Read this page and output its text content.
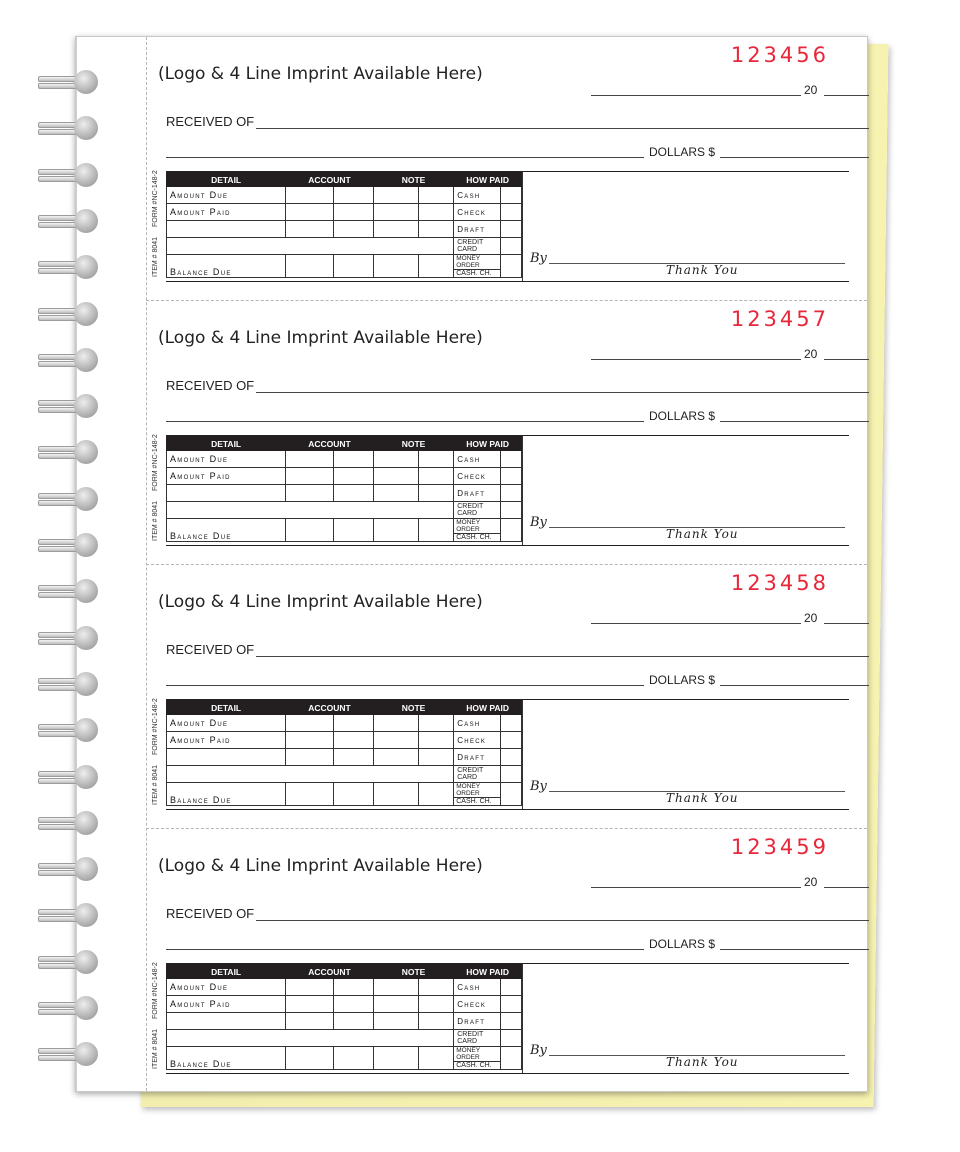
123456
(Logo & 4 Line Imprint Available Here)
20
RECEIVED OF
DOLLARS $
FORM #NC-148-2
ITEM # 8041
DETAIL	ACCOUNT		NOTE		HOW PAID	
Amount Due					Cash	
Amount Paid					Check	
					Draft	
					CREDIT CARD	
Balance Due					MONEY ORDER
CASH. CH.	

By
Thank You
123457
(Logo & 4 Line Imprint Available Here)
20
RECEIVED OF
DOLLARS $
FORM #NC-148-2
ITEM # 8041
DETAIL	ACCOUNT		NOTE		HOW PAID	
Amount Due					Cash	
Amount Paid					Check	
					Draft	
					CREDIT CARD	
Balance Due					MONEY ORDER
CASH. CH.	

By
Thank You
123458
(Logo & 4 Line Imprint Available Here)
20
RECEIVED OF
DOLLARS $
FORM #NC-148-2
ITEM # 8041
DETAIL	ACCOUNT		NOTE		HOW PAID	
Amount Due					Cash	
Amount Paid					Check	
					Draft	
					CREDIT CARD	
Balance Due					MONEY ORDER
CASH. CH.	

By
Thank You
123459
(Logo & 4 Line Imprint Available Here)
20
RECEIVED OF
DOLLARS $
FORM #NC-148-2
ITEM # 8041
DETAIL	ACCOUNT		NOTE		HOW PAID	
Amount Due					Cash	
Amount Paid					Check	
					Draft	
					CREDIT CARD	
Balance Due					MONEY ORDER
CASH. CH.	

By
Thank You
